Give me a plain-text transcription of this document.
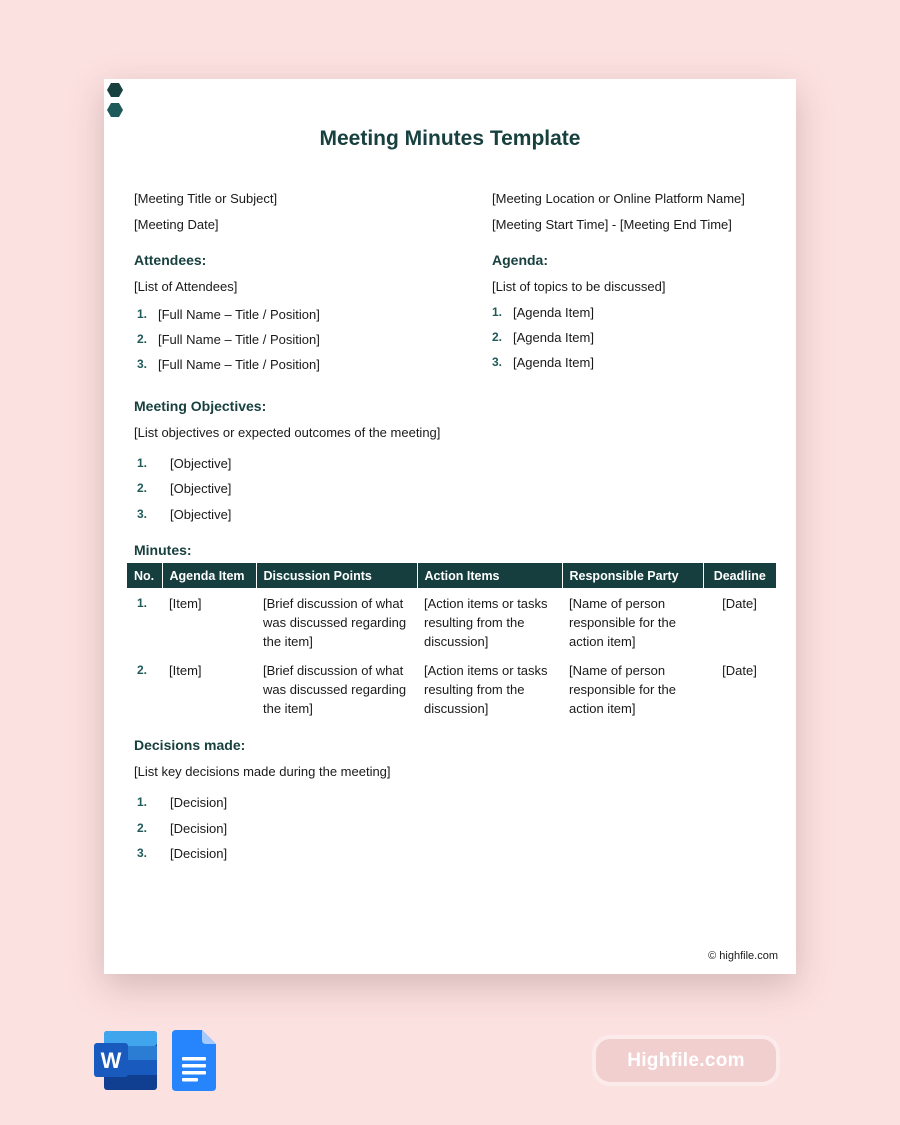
Meeting Minutes Template
[Meeting Title or Subject]
[Meeting Date]
[Meeting Location or Online Platform Name]
[Meeting Start Time] - [Meeting End Time]
Attendees:
[List of Attendees]
1. [Full Name – Title / Position]
2. [Full Name – Title / Position]
3. [Full Name – Title / Position]
Agenda:
[List of topics to be discussed]
1. [Agenda Item]
2. [Agenda Item]
3. [Agenda Item]
Meeting Objectives:
[List objectives or expected outcomes of the meeting]
1. [Objective]
2. [Objective]
3. [Objective]
Minutes:
No.	Agenda Item	Discussion Points	Action Items	Responsible Party	Deadline
1.	[Item]	[Brief discussion of what was discussed regarding the item]	[Action items or tasks resulting from the discussion]	[Name of person responsible for the action item]	[Date]
2.	[Item]	[Brief discussion of what was discussed regarding the item]	[Action items or tasks resulting from the discussion]	[Name of person responsible for the action item]	[Date]
Decisions made:
[List key decisions made during the meeting]
1. [Decision]
2. [Decision]
3. [Decision]
© highfile.com
W	Highfile.com
